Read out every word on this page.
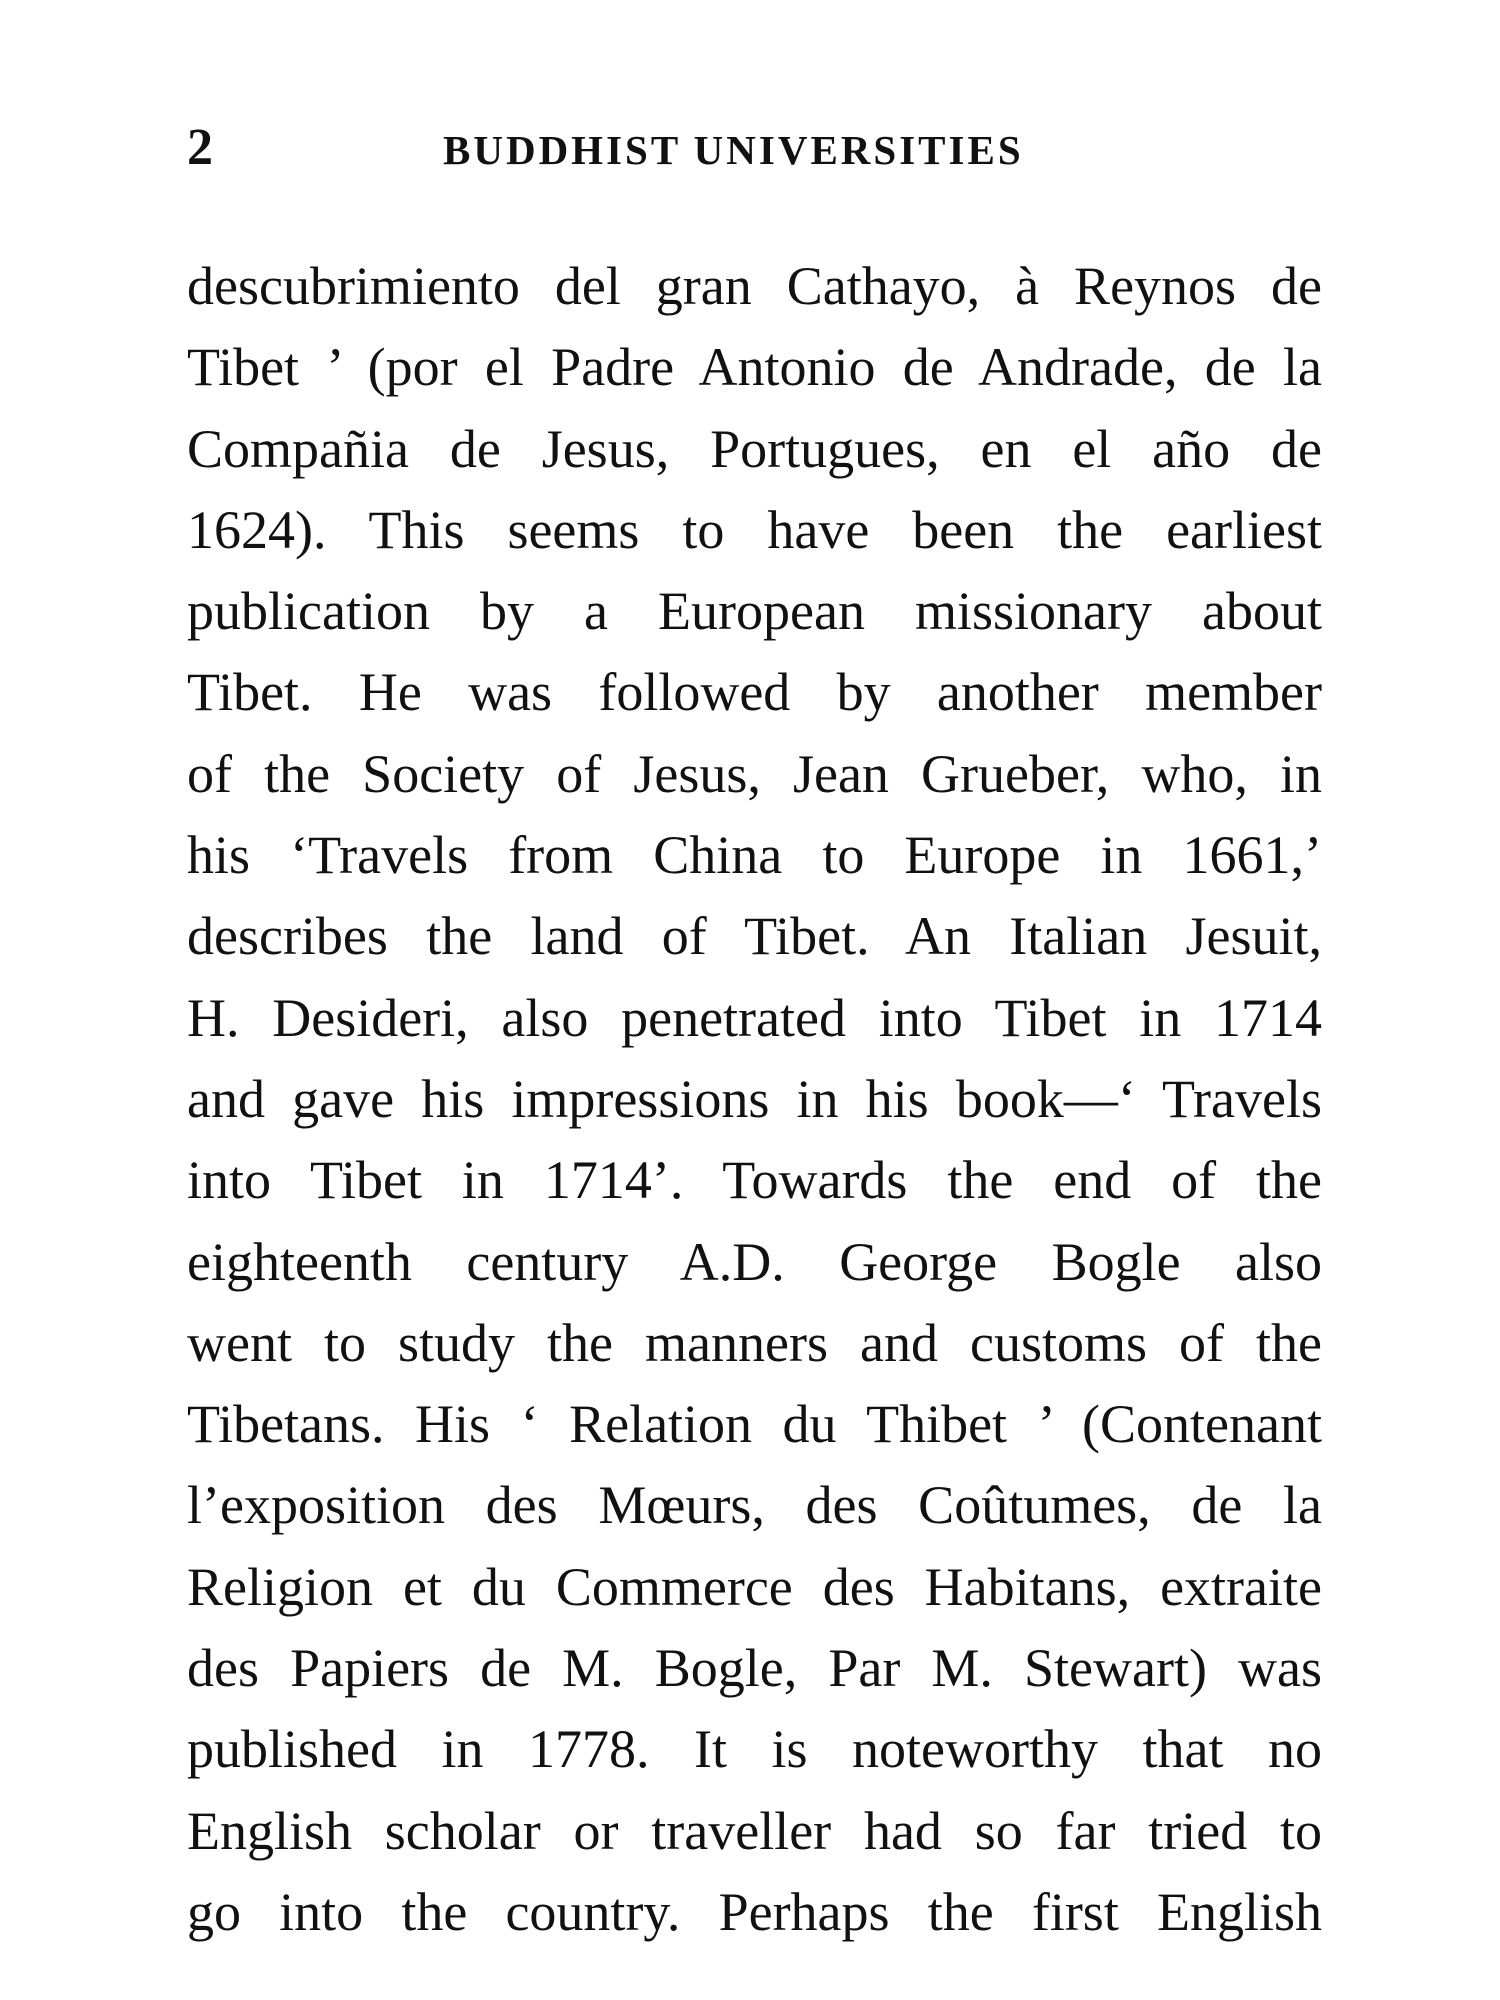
2	BUDDHIST UNIVERSITIES
descubrimiento del gran Cathayo, à Reynos de
Tibet ’ (por el Padre Antonio de Andrade, de la
Compañia de Jesus, Portugues, en el año de
1624). This seems to have been the earliest
publication by a European missionary about
Tibet. He was followed by another member
of the Society of Jesus, Jean Grueber, who, in
his ‘Travels from China to Europe in 1661,’
describes the land of Tibet. An Italian Jesuit,
H. Desideri, also penetrated into Tibet in 1714
and gave his impressions in his book—‘ Travels
into Tibet in 1714’. Towards the end of the
eighteenth century A.D. George Bogle also
went to study the manners and customs of the
Tibetans. His ‘ Relation du Thibet ’ (Contenant
l’exposition des Mœurs, des Coûtumes, de la
Religion et du Commerce des Habitans, extraite
des Papiers de M. Bogle, Par M. Stewart) was
published in 1778. It is noteworthy that no
English scholar or traveller had so far tried to
go into the country. Perhaps the first English
